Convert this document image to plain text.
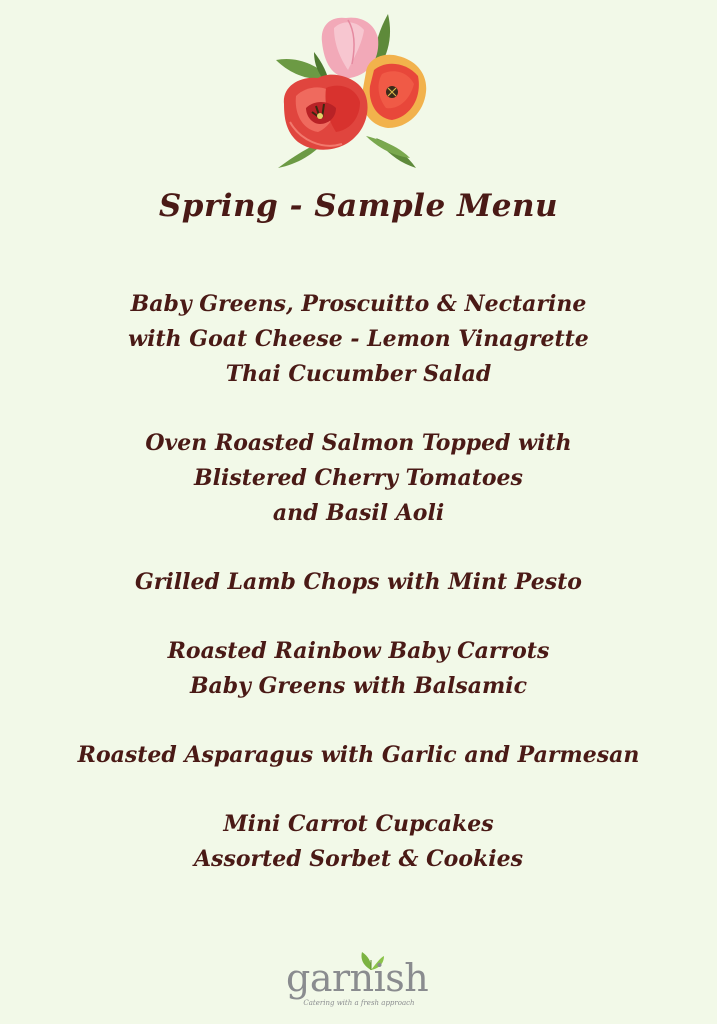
Spring - Sample Menu
Baby Greens, Proscuitto & Nectarine
with Goat Cheese - Lemon Vinagrette
Thai Cucumber Salad
Oven Roasted Salmon Topped with
Blistered Cherry Tomatoes
and Basil Aoli
Grilled Lamb Chops with Mint Pesto
Roasted Rainbow Baby Carrots
Baby Greens with Balsamic
Roasted Asparagus with Garlic and Parmesan
Mini Carrot Cupcakes
Assorted Sorbet & Cookies
garnish
Catering with a fresh approach
